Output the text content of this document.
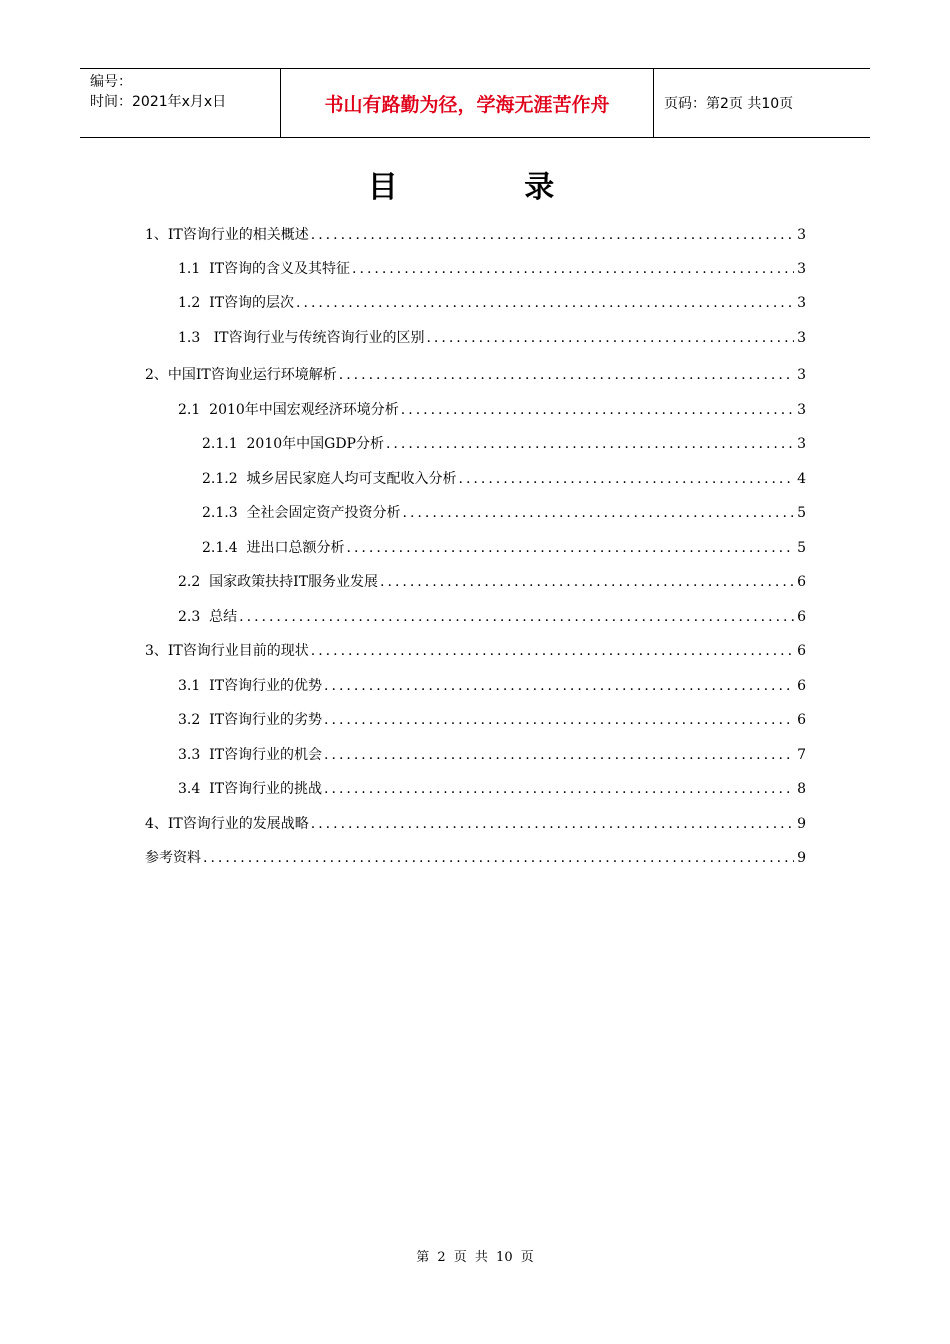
编号：
时间：2021年x月x日	书山有路勤为径，学海无涯苦作舟	页码：第2页 共10页
目 录
1、IT咨询行业的相关概述 .....	3
1.1  IT咨询的含义及其特征 .....	3
1.2  IT咨询的层次 .....	3
1.3   IT咨询行业与传统咨询行业的区别 .....	3
2、中国IT咨询业运行环境解析 .....	3
2.1  2010年中国宏观经济环境分析 .....	3
2.1.1  2010年中国GDP分析 .....	3
2.1.2  城乡居民家庭人均可支配收入分析 .....	4
2.1.3  全社会固定资产投资分析 .....	5
2.1.4  进出口总额分析 .....	5
2.2  国家政策扶持IT服务业发展 .....	6
2.3  总结 .....	6
3、IT咨询行业目前的现状 .....	6
3.1  IT咨询行业的优势 .....	6
3.2  IT咨询行业的劣势 .....	6
3.3  IT咨询行业的机会 .....	7
3.4  IT咨询行业的挑战 .....	8
4、IT咨询行业的发展战略 .....	9
参考资料 .....	9
第 2 页 共 10 页
